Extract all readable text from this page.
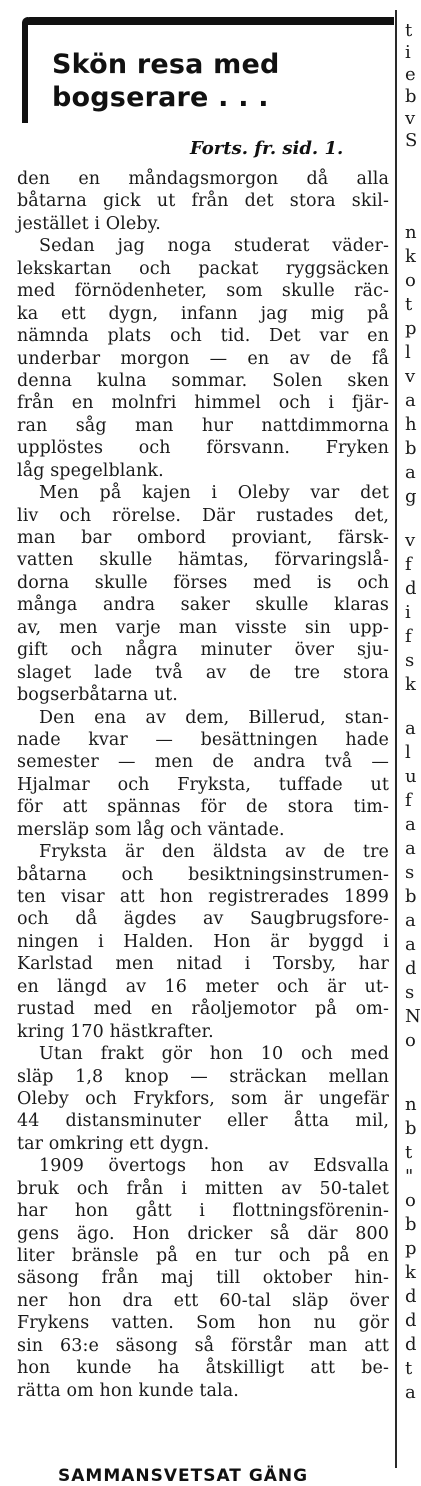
Skön resa med
bogserare . . .
Forts. fr. sid. 1.
den en måndagsmorgon då alla
båtarna gick ut från det stora skil-
jestället i Oleby.
Sedan jag noga studerat väder-
lekskartan och packat ryggsäcken
med förnödenheter, som skulle räc-
ka ett dygn, infann jag mig på
nämnda plats och tid. Det var en
underbar morgon — en av de få
denna kulna sommar. Solen sken
från en molnfri himmel och i fjär-
ran såg man hur nattdimmorna
upplöstes och försvann. Fryken
låg spegelblank.
Men på kajen i Oleby var det
liv och rörelse. Där rustades det,
man bar ombord proviant, färsk-
vatten skulle hämtas, förvaringslå-
dorna skulle förses med is och
många andra saker skulle klaras
av, men varje man visste sin upp-
gift och några minuter över sju-
slaget lade två av de tre stora
bogserbåtarna ut.
Den ena av dem, Billerud, stan-
nade kvar — besättningen hade
semester — men de andra två —
Hjalmar och Fryksta, tuffade ut
för att spännas för de stora tim-
mersläp som låg och väntade.
Fryksta är den äldsta av de tre
båtarna och besiktningsinstrumen-
ten visar att hon registrerades 1899
och då ägdes av Saugbrugsfore-
ningen i Halden. Hon är byggd i
Karlstad men nitad i Torsby, har
en längd av 16 meter och är ut-
rustad med en råoljemotor på om-
kring 170 hästkrafter.
Utan frakt gör hon 10 och med
släp 1,8 knop — sträckan mellan
Oleby och Frykfors, som är ungefär
44 distansminuter eller åtta mil,
tar omkring ett dygn.
1909 övertogs hon av Edsvalla
bruk och från i mitten av 50-talet
har hon gått i flottningsförenin-
gens ägo. Hon dricker så där 800
liter bränsle på en tur och på en
säsong från maj till oktober hin-
ner hon dra ett 60-tal släp över
Frykens vatten. Som hon nu gör
sin 63:e säsong så förstår man att
hon kunde ha åtskilligt att be-
rätta om hon kunde tala.
SAMMANSVETSAT GÄNG
t
i
e
b
v
S
n
k
o
t
p
l
v
a
h
b
a
g
v
f
d
i
f
s
k
a
l
u
f
a
a
s
b
a
a
d
s
N
o
n
b
t
"
o
b
p
k
d
d
d
t
a
